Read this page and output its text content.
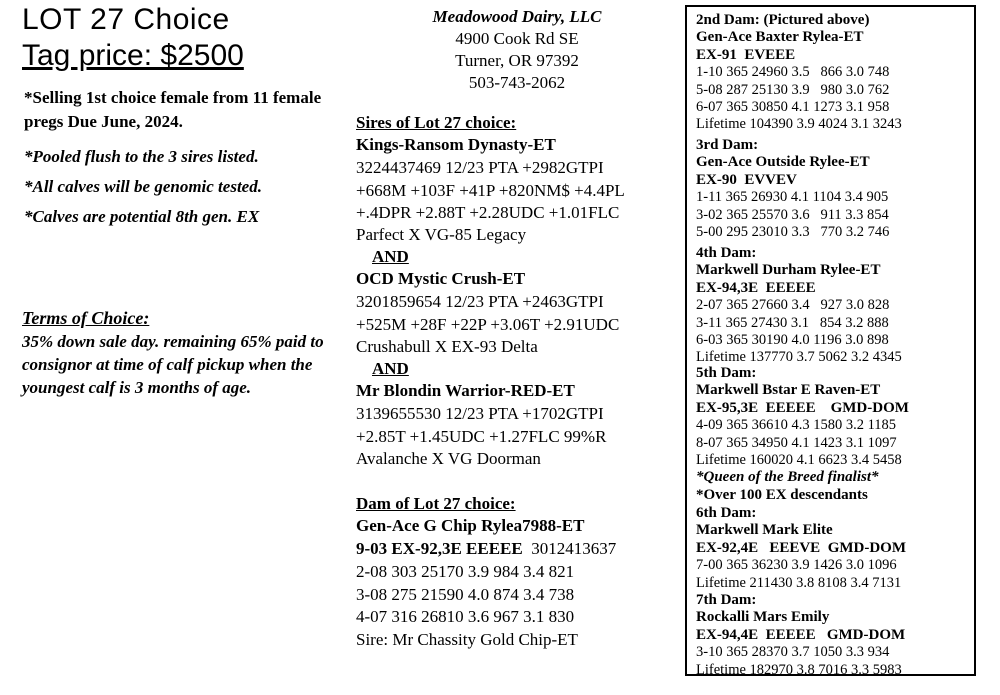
LOT 27 Choice
Tag price: $2500
*Selling 1st choice female from 11 female pregs Due June, 2024.
*Pooled flush to the 3 sires listed.
*All calves will be genomic tested.
*Calves are potential 8th gen. EX
Terms of Choice:
35% down sale day. remaining 65% paid to consignor at time of calf pickup when the youngest calf is 3 months of age.
Meadowood Dairy, LLC
4900 Cook Rd SE
Turner, OR 97392
503-743-2062
Sires of Lot 27 choice:
Kings-Ransom Dynasty-ET
3224437469 12/23 PTA +2982GTPI
+668M +103F +41P +820NM$ +4.4PL
+.4DPR +2.88T +2.28UDC +1.01FLC
Parfect X VG-85 Legacy
AND
OCD Mystic Crush-ET
3201859654 12/23 PTA +2463GTPI
+525M +28F +22P +3.06T +2.91UDC
Crushabull X EX-93 Delta
AND
Mr Blondin Warrior-RED-ET
3139655530 12/23 PTA +1702GTPI
+2.85T +1.45UDC +1.27FLC 99%R
Avalanche X VG Doorman
Dam of Lot 27 choice:
Gen-Ace G Chip Rylea7988-ET
9-03 EX-92,3E EEEEE  3012413637
2-08 303 25170 3.9 984 3.4 821
3-08 275 21590 4.0 874 3.4 738
4-07 316 26810 3.6 967 3.1 830
Sire: Mr Chassity Gold Chip-ET
2nd Dam: (Pictured above)
Gen-Ace Baxter Rylea-ET
EX-91  EVEEE
1-10 365 24960 3.5   866 3.0 748
5-08 287 25130 3.9   980 3.0 762
6-07 365 30850 4.1 1273 3.1 958
Lifetime 104390 3.9 4024 3.1 3243
3rd Dam:
Gen-Ace Outside Rylee-ET
EX-90  EVVEV
1-11 365 26930 4.1 1104 3.4 905
3-02 365 25570 3.6   911 3.3 854
5-00 295 23010 3.3   770 3.2 746
4th Dam:
Markwell Durham Rylee-ET
EX-94,3E  EEEEE
2-07 365 27660 3.4   927 3.0 828
3-11 365 27430 3.1   854 3.2 888
6-03 365 30190 4.0 1196 3.0 898
Lifetime 137770 3.7 5062 3.2 4345
5th Dam:
Markwell Bstar E Raven-ET
EX-95,3E  EEEEE    GMD-DOM
4-09 365 36610 4.3 1580 3.2 1185
8-07 365 34950 4.1 1423 3.1 1097
Lifetime 160020 4.1 6623 3.4 5458
*Queen of the Breed finalist*
*Over 100 EX descendants
6th Dam:
Markwell Mark Elite
EX-92,4E   EEEVE  GMD-DOM
7-00 365 36230 3.9 1426 3.0 1096
Lifetime 211430 3.8 8108 3.4 7131
7th Dam:
Rockalli Mars Emily
EX-94,4E  EEEEE   GMD-DOM
3-10 365 28370 3.7 1050 3.3 934
Lifetime 182970 3.8 7016 3.3 5983
